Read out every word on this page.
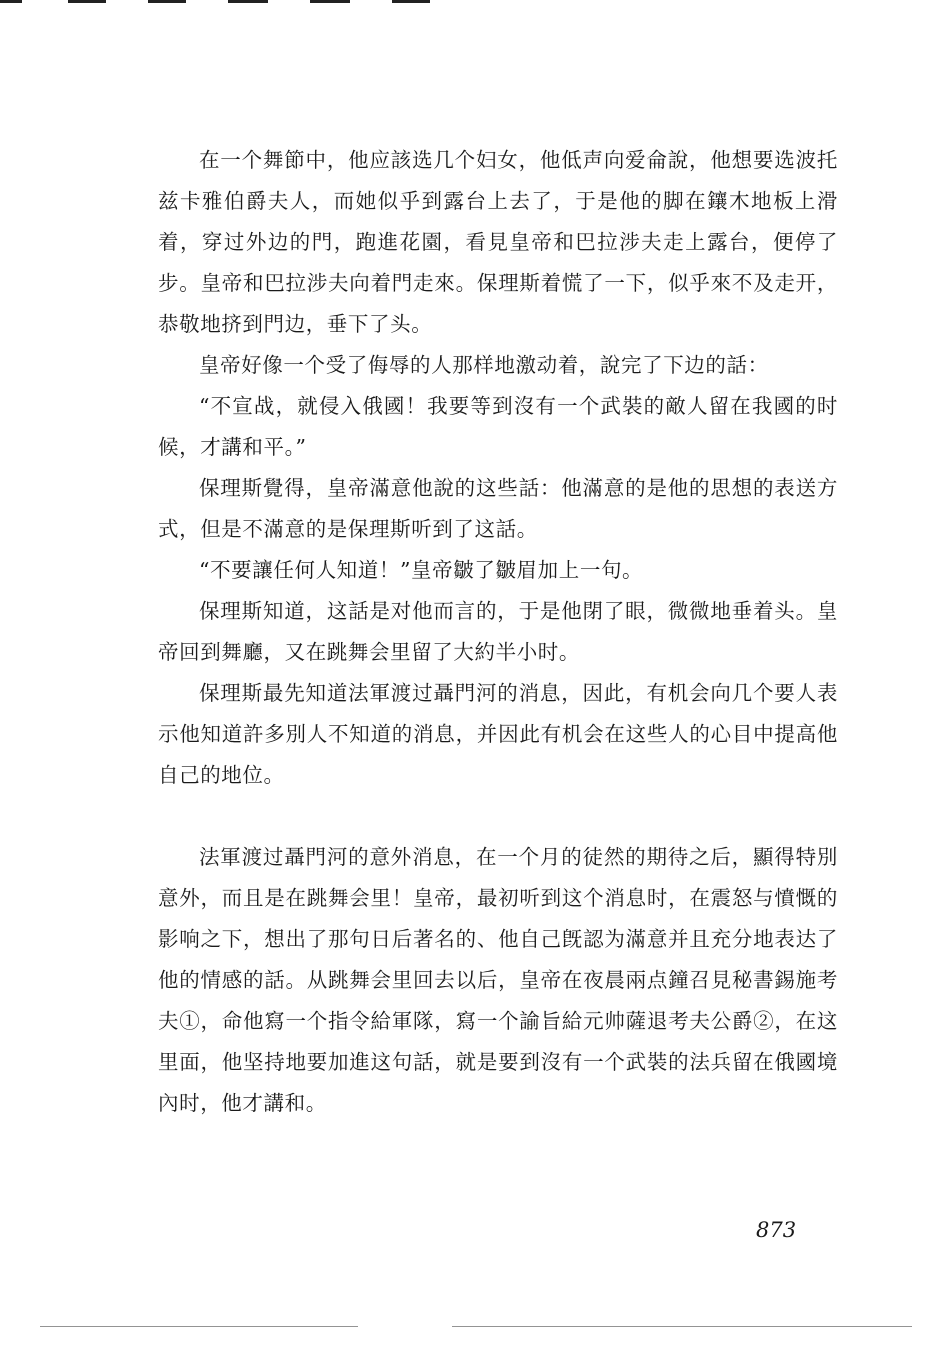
在一个舞節中，他应該选几个妇女，他低声向爱侖說，他想要选波托兹卡雅伯爵夫人，而她似乎到露台上去了，于是他的脚在鑲木地板上滑着，穿过外边的門，跑進花園，看見皇帝和巴拉涉夫走上露台，便停了步。皇帝和巴拉涉夫向着門走來。保理斯着慌了一下，似乎來不及走开，恭敬地挤到門边，垂下了头。

皇帝好像一个受了侮辱的人那样地激动着，說完了下边的話：

“不宣战，就侵入俄國！我要等到沒有一个武裝的敵人留在我國的时候，才講和平。”

保理斯覺得，皇帝滿意他說的这些話：他滿意的是他的思想的表送方式，但是不滿意的是保理斯听到了这話。

“不要讓任何人知道！”皇帝皺了皺眉加上一句。

保理斯知道，这話是对他而言的，于是他閉了眼，微微地垂着头。皇帝回到舞廳，又在跳舞会里留了大約半小时。

保理斯最先知道法軍渡过聶門河的消息，因此，有机会向几个要人表示他知道許多別人不知道的消息，并因此有机会在这些人的心目中提高他自己的地位。

法軍渡过聶門河的意外消息，在一个月的徒然的期待之后，顯得特別意外，而且是在跳舞会里！皇帝，最初听到这个消息时，在震怒与憤慨的影响之下，想出了那句日后著名的、他自己旣認为滿意并且充分地表达了他的情感的話。从跳舞会里回去以后，皇帝在夜晨兩点鐘召見秘書錫施考夫①，命他寫一个指令給軍隊，寫一个諭旨給元帅薩退考夫公爵②，在这里面，他坚持地要加進这句話，就是要到沒有一个武裝的法兵留在俄國境內时，他才講和。

873
